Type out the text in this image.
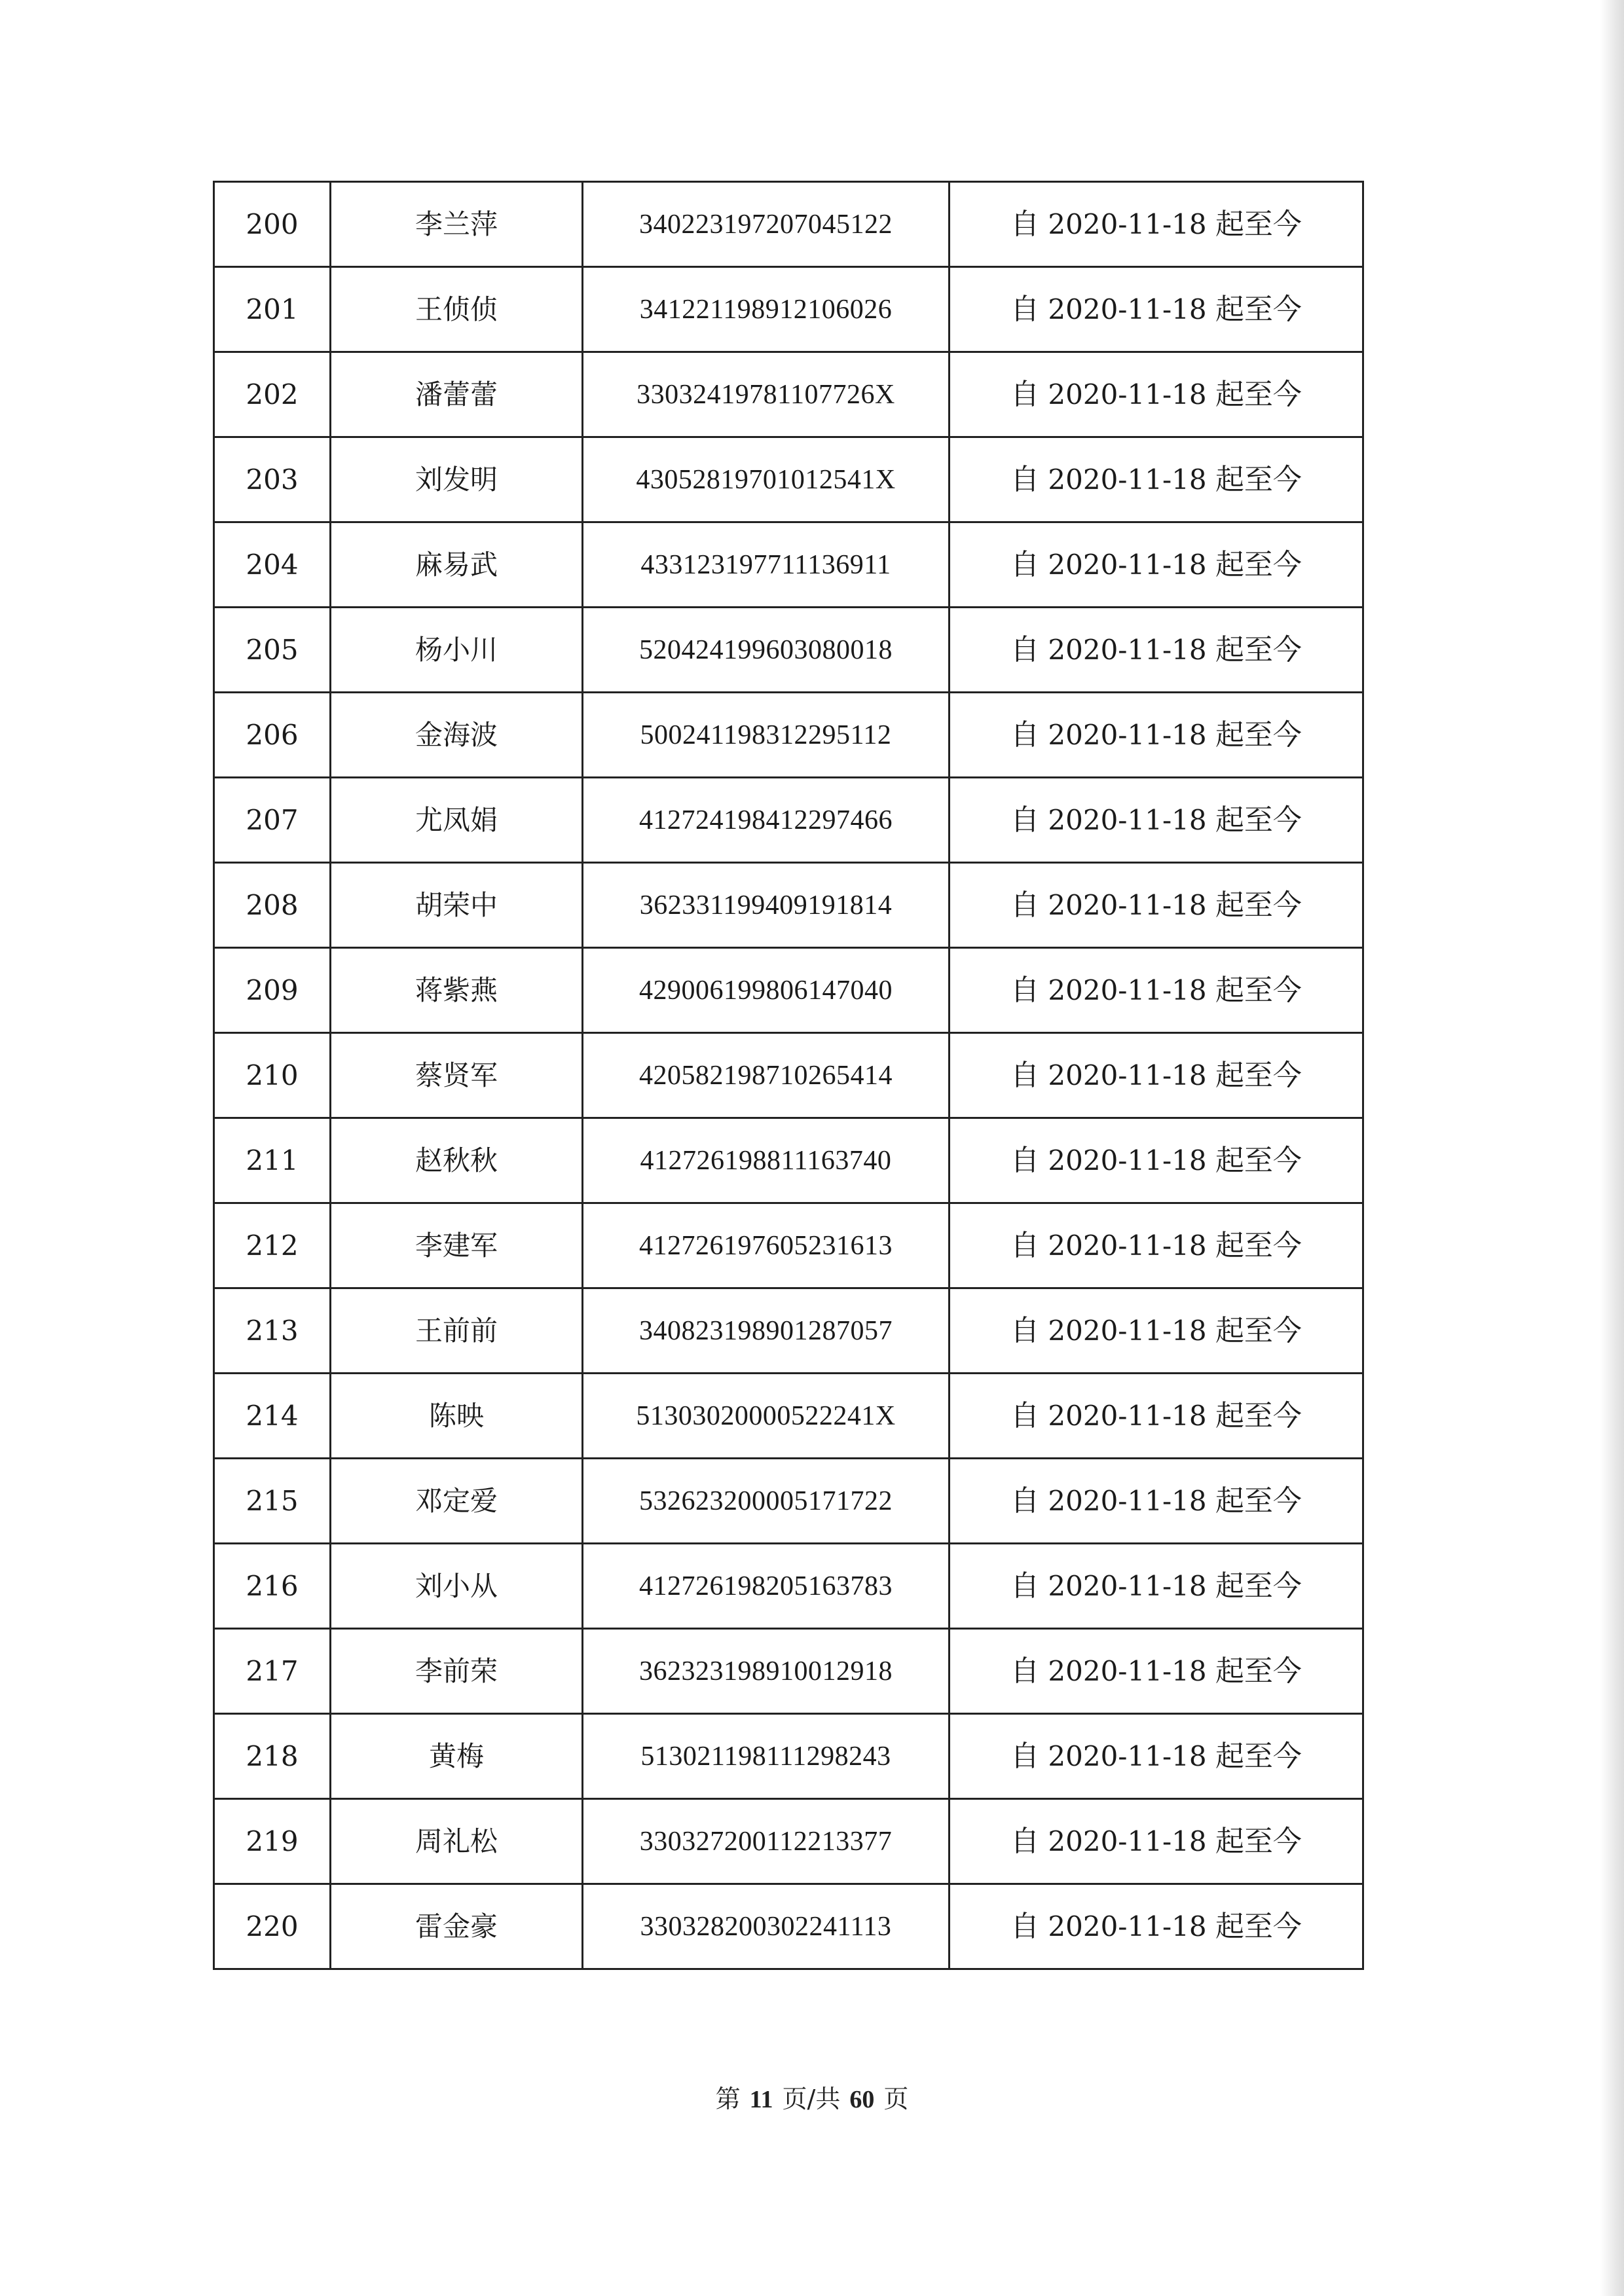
200	李兰萍	340223197207045122	自 2020-11-18 起至今
201	王侦侦	341221198912106026	自 2020-11-18 起至今
202	潘蕾蕾	33032419781107726X	自 2020-11-18 起至今
203	刘发明	43052819701012541X	自 2020-11-18 起至今
204	麻易武	433123197711136911	自 2020-11-18 起至今
205	杨小川	520424199603080018	自 2020-11-18 起至今
206	金海波	500241198312295112	自 2020-11-18 起至今
207	尤凤娟	412724198412297466	自 2020-11-18 起至今
208	胡荣中	362331199409191814	自 2020-11-18 起至今
209	蒋紫燕	429006199806147040	自 2020-11-18 起至今
210	蔡贤军	420582198710265414	自 2020-11-18 起至今
211	赵秋秋	412726198811163740	自 2020-11-18 起至今
212	李建军	412726197605231613	自 2020-11-18 起至今
213	王前前	340823198901287057	自 2020-11-18 起至今
214	陈映	51303020000522241X	自 2020-11-18 起至今
215	邓定爱	532623200005171722	自 2020-11-18 起至今
216	刘小从	412726198205163783	自 2020-11-18 起至今
217	李前荣	362323198910012918	自 2020-11-18 起至今
218	黄梅	513021198111298243	自 2020-11-18 起至今
219	周礼松	330327200112213377	自 2020-11-18 起至今
220	雷金豪	330328200302241113	自 2020-11-18 起至今
第 11 页/共 60 页
